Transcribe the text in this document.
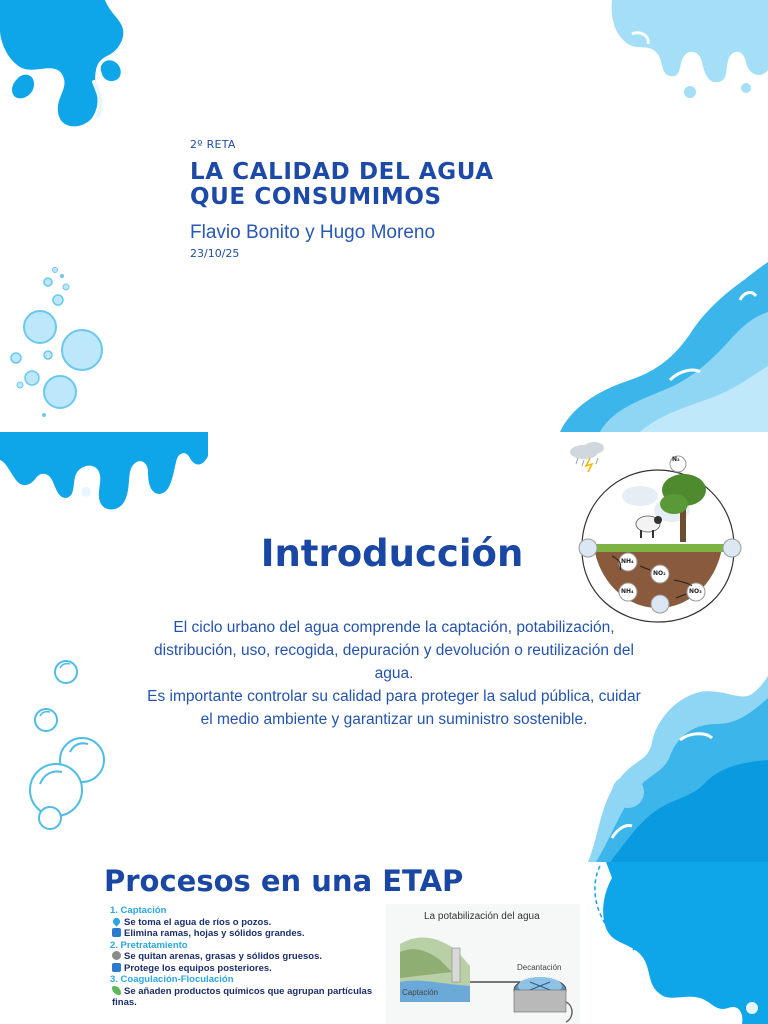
2º RETA
LA CALIDAD DEL AGUA
QUE CONSUMIMOS
Flavio Bonito y Hugo Moreno
23/10/25
Introducción

El ciclo urbano del agua comprende la captación, potabilización, distribución, uso, recogida, depuración y devolución o reutilización del agua.

Es importante controlar su calidad para proteger la salud pública, cuidar el medio ambiente y garantizar un suministro sostenible.

N₂
NH₄
NO₂
NH₄	NO₃
Procesos en una ETAP
1. Captación
Se toma el agua de ríos o pozos.
Elimina ramas, hojas y sólidos grandes.
2. Pretratamiento
Se quitan arenas, grasas y sólidos gruesos.
Protege los equipos posteriores.
3. Coagulación-Floculación
Se añaden productos químicos que agrupan partículas finas.
La potabilización del agua
Captación
Decantación
